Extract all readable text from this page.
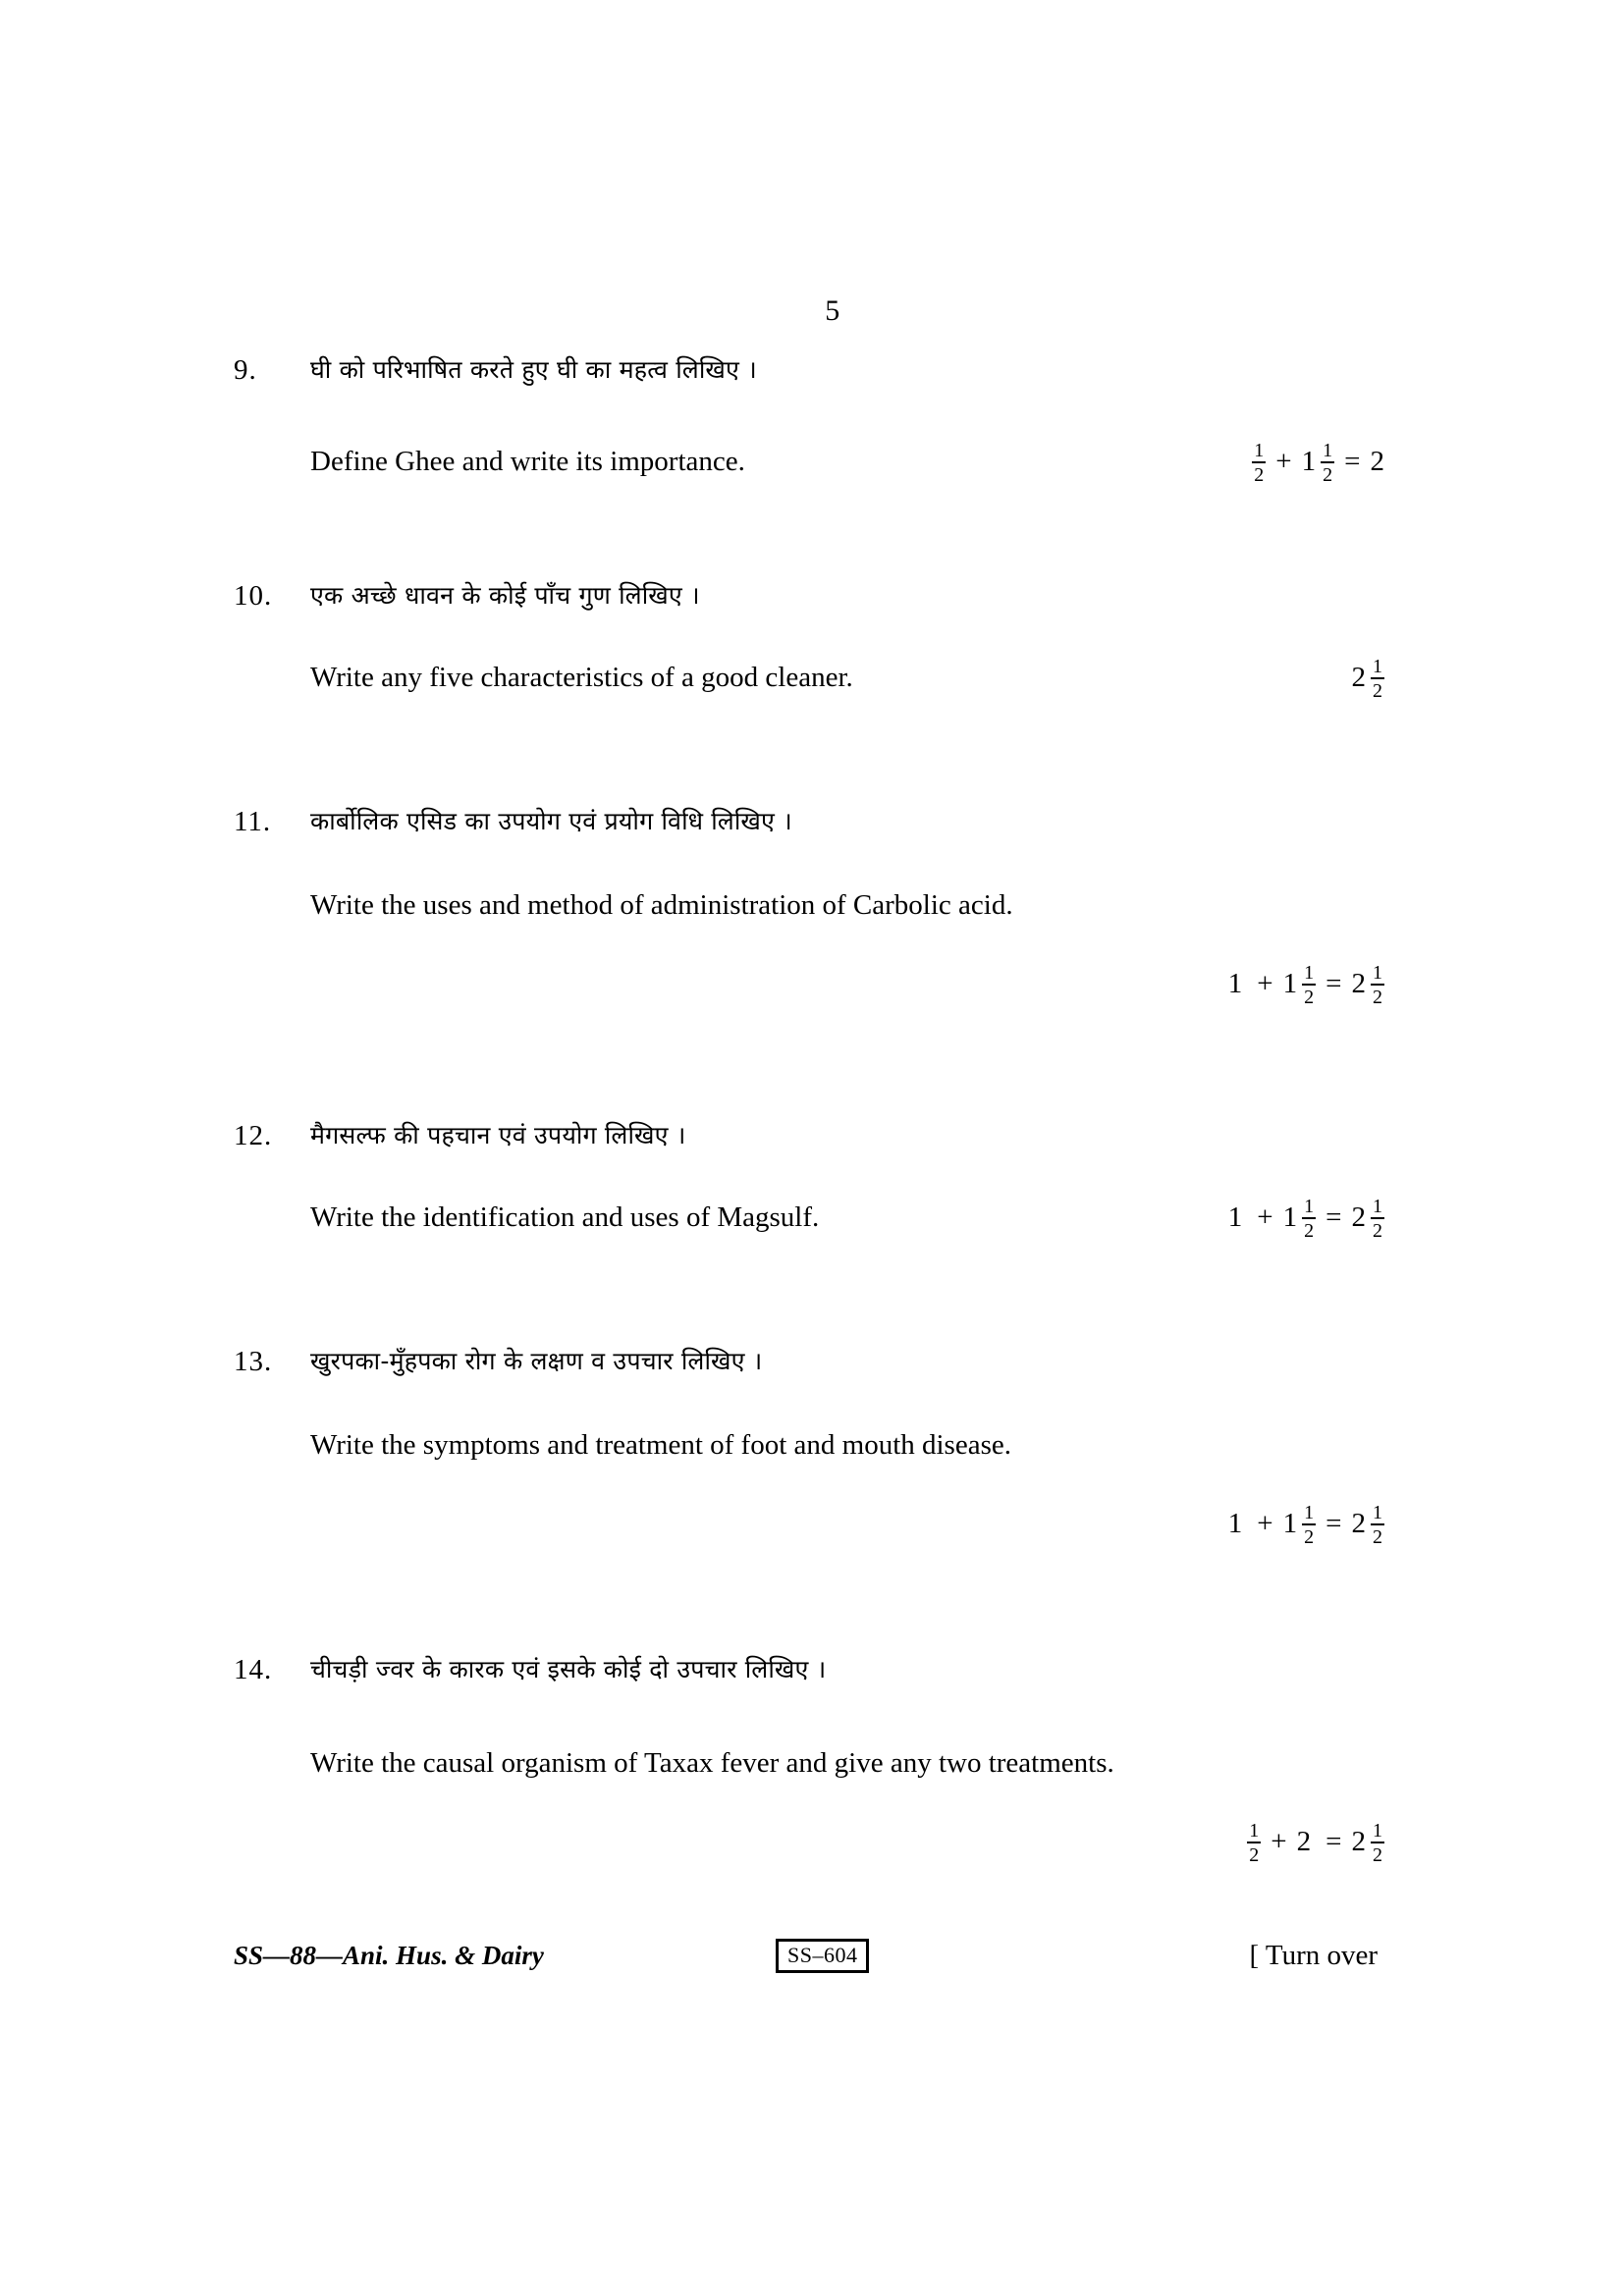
5
9.	घी को परिभाषित करते हुए घी का महत्व लिखिए ।
Define Ghee and write its importance.	$\frac{1}{2} + 1 \frac{1}{2} = 2$
10.	एक अच्छे धावन के कोई पाँच गुण लिखिए ।
Write any five characteristics of a good cleaner.	$2 \frac{1}{2}$
11.	कार्बोलिक एसिड का उपयोग एवं प्रयोग विधि लिखिए ।
Write the uses and method of administration of Carbolic acid.
$1 + 1 \frac{1}{2} = 2 \frac{1}{2}$
12.	मैगसल्फ की पहचान एवं उपयोग लिखिए ।
Write the identification and uses of Magsulf.	$1 + 1 \frac{1}{2} = 2 \frac{1}{2}$
13.	खुरपका-मुँहपका रोग के लक्षण व उपचार लिखिए ।
Write the symptoms and treatment of foot and mouth disease.
$1 + 1 \frac{1}{2} = 2 \frac{1}{2}$
14.	चीचड़ी ज्वर के कारक एवं इसके कोई दो उपचार लिखिए ।
Write the causal organism of Taxax fever and give any two treatments.
$\frac{1}{2} + 2 = 2 \frac{1}{2}$
SS—88—Ani. Hus. & Dairy	SS–604	[ Turn over
